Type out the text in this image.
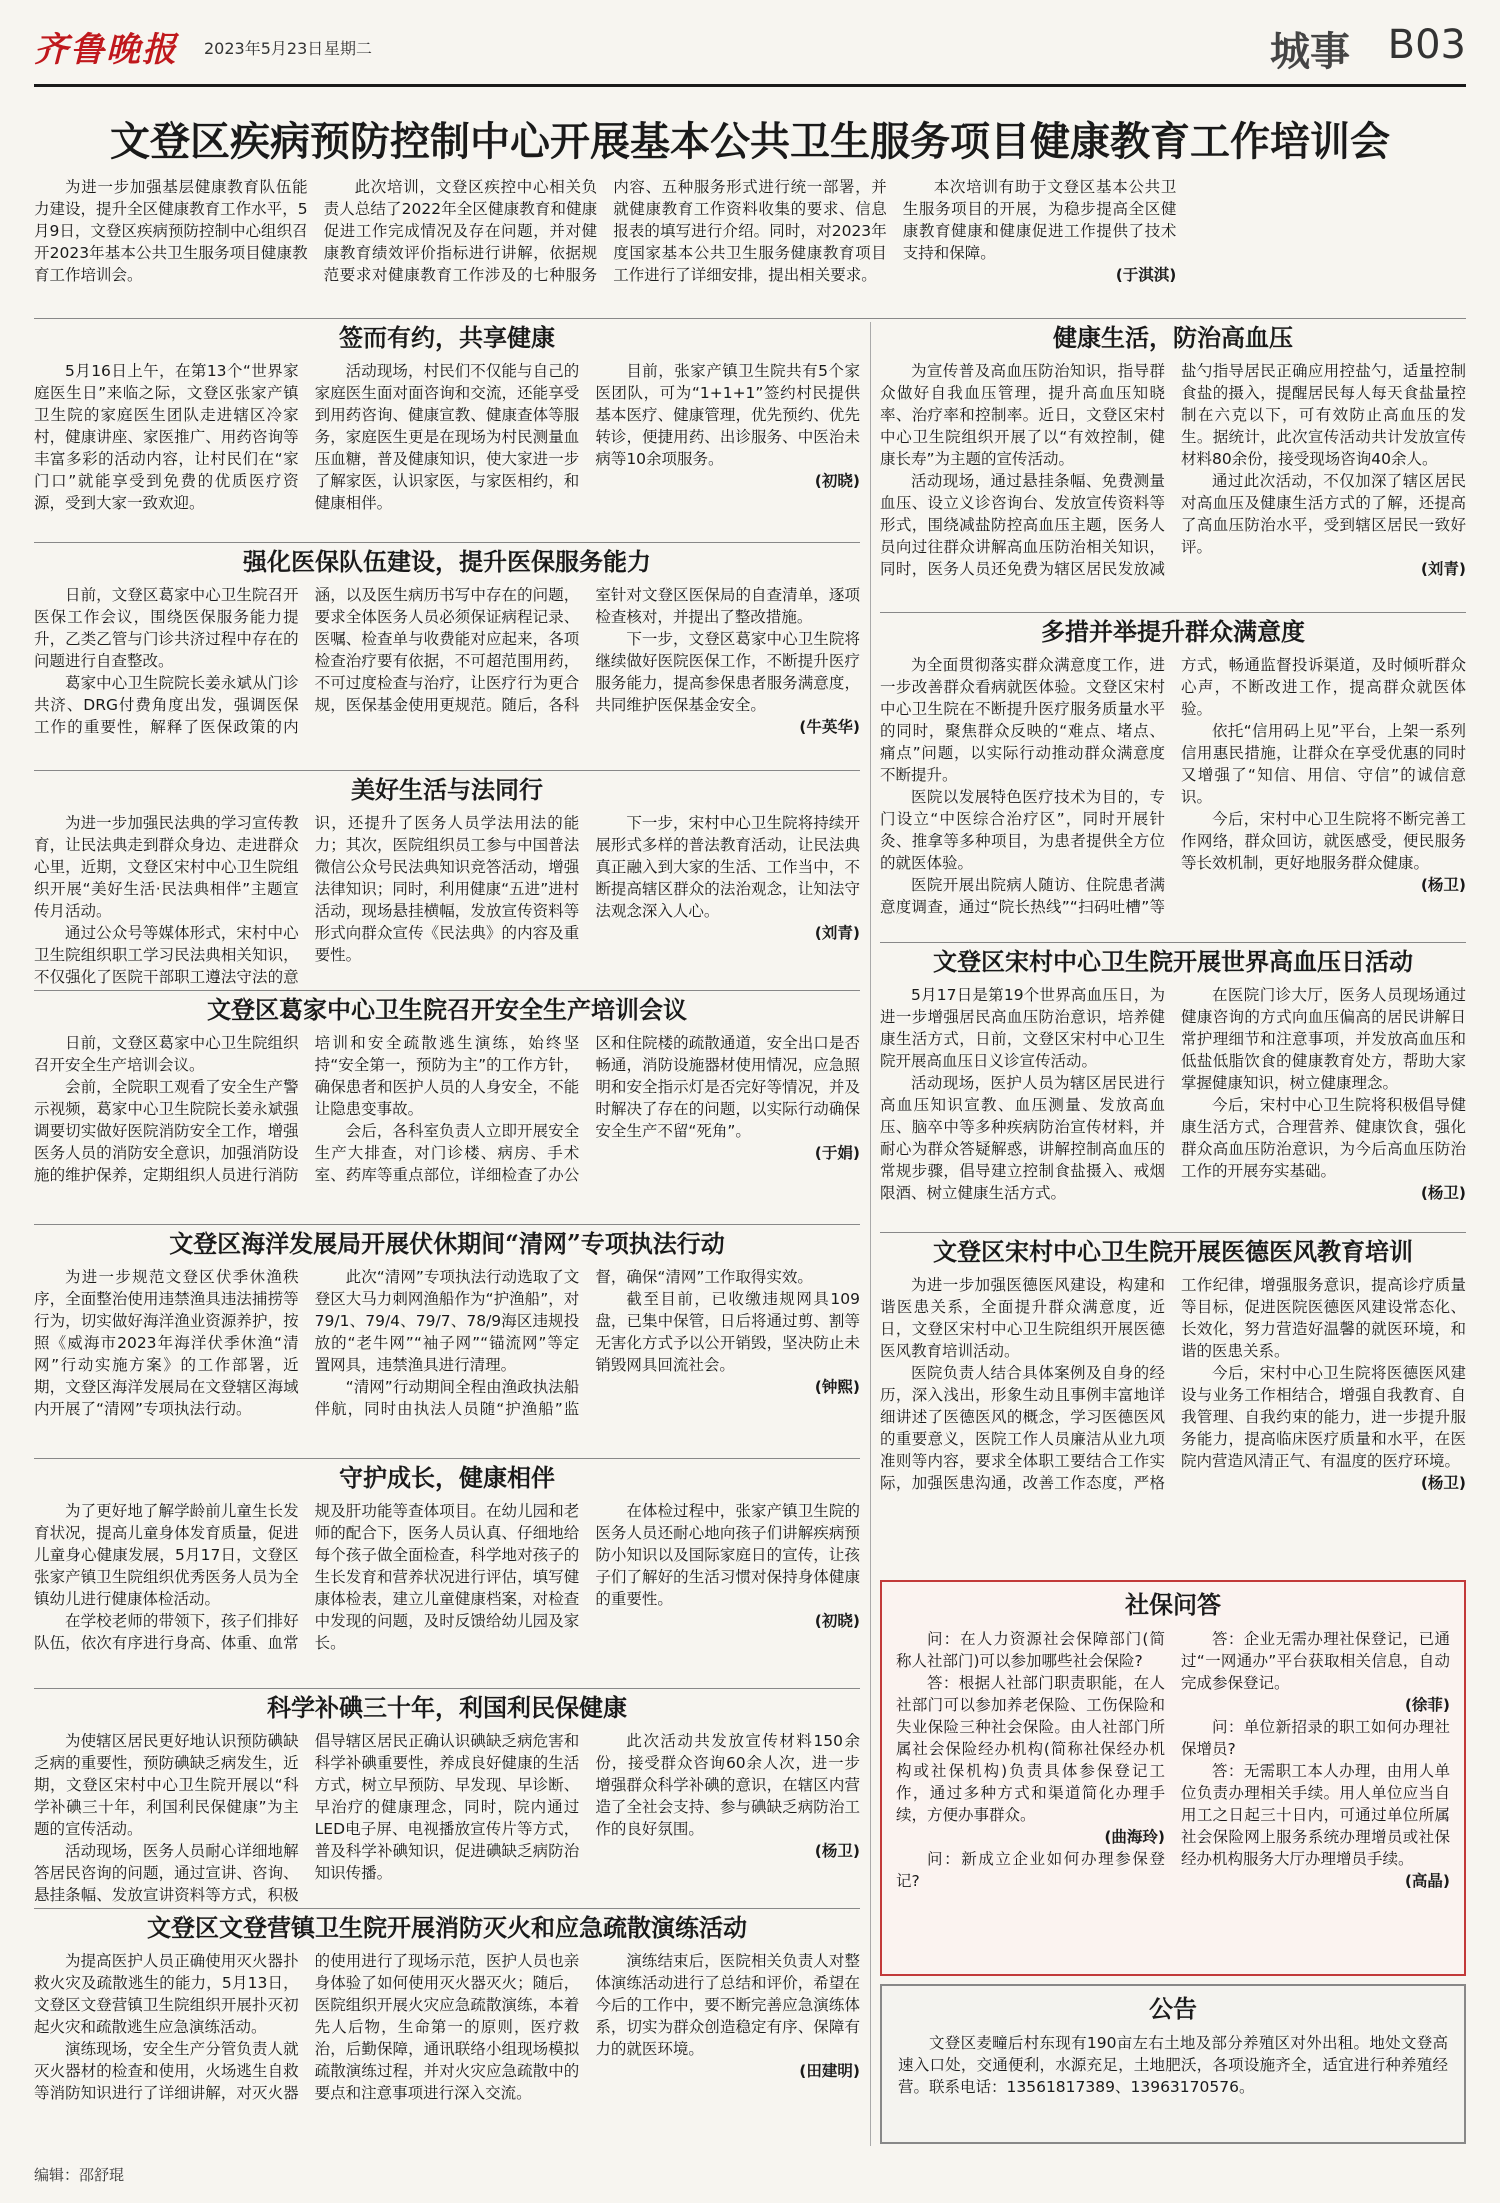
齐鲁晚报 2023年5月23日 星期二	城事 B03
文登区疾病预防控制中心开展基本公共卫生服务项目健康教育工作培训会

为进一步加强基层健康教育队伍能力建设，提升全区健康教育工作水平，5月9日，文登区疾病预防控制中心组织召开2023年基本公共卫生服务项目健康教育工作培训会。

此次培训，文登区疾控中心相关负责人总结了2022年全区健康教育和健康促进工作完成情况及存在问题，并对健康教育绩效评价指标进行讲解，依据规范要求对健康教育工作涉及的七种服务内容、五种服务形式进行统一部署，并就健康教育工作资料收集的要求、信息报表的填写进行介绍。同时，对2023年度国家基本公共卫生服务健康教育项目工作进行了详细安排，提出相关要求。

本次培训有助于文登区基本公共卫生服务项目的开展，为稳步提高全区健康教育健康和健康促进工作提供了技术支持和保障。

(于淇淇)

签而有约，共享健康

5月16日上午，在第13个“世界家庭医生日”来临之际，文登区张家产镇卫生院的家庭医生团队走进辖区冷家村，健康讲座、家医推广、用药咨询等丰富多彩的活动内容，让村民们在“家门口”就能享受到免费的优质医疗资源，受到大家一致欢迎。

活动现场，村民们不仅能与自己的家庭医生面对面咨询和交流，还能享受到用药咨询、健康宣教、健康查体等服务，家庭医生更是在现场为村民测量血压血糖，普及健康知识，使大家进一步了解家医，认识家医，与家医相约，和健康相伴。

目前，张家产镇卫生院共有5个家医团队，可为“1+1+1”签约村民提供基本医疗、健康管理，优先预约、优先转诊，便捷用药、出诊服务、中医治未病等10余项服务。

(初晓)

强化医保队伍建设，提升医保服务能力

日前，文登区葛家中心卫生院召开医保工作会议，围绕医保服务能力提升，乙类乙管与门诊共济过程中存在的问题进行自查整改。

葛家中心卫生院院长姜永斌从门诊共济、DRG付费角度出发，强调医保工作的重要性，解释了医保政策的内涵，以及医生病历书写中存在的问题，要求全体医务人员必须保证病程记录、医嘱、检查单与收费能对应起来，各项检查治疗要有依据，不可超范围用药，不可过度检查与治疗，让医疗行为更合规，医保基金使用更规范。随后，各科室针对文登区医保局的自查清单，逐项检查核对，并提出了整改措施。

下一步，文登区葛家中心卫生院将继续做好医院医保工作，不断提升医疗服务能力，提高参保患者服务满意度，共同维护医保基金安全。

(牛英华)

美好生活与法同行

为进一步加强民法典的学习宣传教育，让民法典走到群众身边、走进群众心里，近期，文登区宋村中心卫生院组织开展“美好生活·民法典相伴”主题宣传月活动。

通过公众号等媒体形式，宋村中心卫生院组织职工学习民法典相关知识，不仅强化了医院干部职工遵法守法的意识，还提升了医务人员学法用法的能力；其次，医院组织员工参与中国普法微信公众号民法典知识竞答活动，增强法律知识；同时，利用健康“五进”进村活动，现场悬挂横幅，发放宣传资料等形式向群众宣传《民法典》的内容及重要性。

下一步，宋村中心卫生院将持续开展形式多样的普法教育活动，让民法典真正融入到大家的生活、工作当中，不断提高辖区群众的法治观念，让知法守法观念深入人心。

(刘青)

文登区葛家中心卫生院召开安全生产培训会议

日前，文登区葛家中心卫生院组织召开安全生产培训会议。

会前，全院职工观看了安全生产警示视频，葛家中心卫生院院长姜永斌强调要切实做好医院消防安全工作，增强医务人员的消防安全意识，加强消防设施的维护保养，定期组织人员进行消防培训和安全疏散逃生演练，始终坚持“安全第一，预防为主”的工作方针，确保患者和医护人员的人身安全，不能让隐患变事故。

会后，各科室负责人立即开展安全生产大排查，对门诊楼、病房、手术室、药库等重点部位，详细检查了办公区和住院楼的疏散通道，安全出口是否畅通，消防设施器材使用情况，应急照明和安全指示灯是否完好等情况，并及时解决了存在的问题，以实际行动确保安全生产不留“死角”。

(于娟)

文登区海洋发展局开展伏休期间“清网”专项执法行动

为进一步规范文登区伏季休渔秩序，全面整治使用违禁渔具违法捕捞等行为，切实做好海洋渔业资源养护，按照《威海市2023年海洋伏季休渔“清网”行动实施方案》的工作部署，近期，文登区海洋发展局在文登辖区海域内开展了“清网”专项执法行动。

此次“清网”专项执法行动选取了文登区大马力刺网渔船作为“护渔船”，对79/1、79/4、79/7、78/9海区违规投放的“老牛网”“袖子网”“锚流网”等定置网具，违禁渔具进行清理。

“清网”行动期间全程由渔政执法船伴航，同时由执法人员随“护渔船”监督，确保“清网”工作取得实效。

截至目前，已收缴违规网具109盘，已集中保管，日后将通过剪、割等无害化方式予以公开销毁，坚决防止未销毁网具回流社会。

(钟熙)

守护成长，健康相伴

为了更好地了解学龄前儿童生长发育状况，提高儿童身体发育质量，促进儿童身心健康发展，5月17日，文登区张家产镇卫生院组织优秀医务人员为全镇幼儿进行健康体检活动。

在学校老师的带领下，孩子们排好队伍，依次有序进行身高、体重、血常规及肝功能等查体项目。在幼儿园和老师的配合下，医务人员认真、仔细地给每个孩子做全面检查，科学地对孩子的生长发育和营养状况进行评估，填写健康体检表，建立儿童健康档案，对检查中发现的问题，及时反馈给幼儿园及家长。

在体检过程中，张家产镇卫生院的医务人员还耐心地向孩子们讲解疾病预防小知识以及国际家庭日的宣传，让孩子们了解好的生活习惯对保持身体健康的重要性。

(初晓)

科学补碘三十年，利国利民保健康

为使辖区居民更好地认识预防碘缺乏病的重要性，预防碘缺乏病发生，近期，文登区宋村中心卫生院开展以“科学补碘三十年，利国利民保健康”为主题的宣传活动。

活动现场，医务人员耐心详细地解答居民咨询的问题，通过宣讲、咨询、悬挂条幅、发放宣讲资料等方式，积极倡导辖区居民正确认识碘缺乏病危害和科学补碘重要性，养成良好健康的生活方式，树立早预防、早发现、早诊断、早治疗的健康理念，同时，院内通过LED电子屏、电视播放宣传片等方式，普及科学补碘知识，促进碘缺乏病防治知识传播。

此次活动共发放宣传材料150余份，接受群众咨询60余人次，进一步增强群众科学补碘的意识，在辖区内营造了全社会支持、参与碘缺乏病防治工作的良好氛围。

(杨卫)

文登区文登营镇卫生院开展消防灭火和应急疏散演练活动

为提高医护人员正确使用灭火器扑救火灾及疏散逃生的能力，5月13日，文登区文登营镇卫生院组织开展扑灭初起火灾和疏散逃生应急演练活动。

演练现场，安全生产分管负责人就灭火器材的检查和使用，火场逃生自救等消防知识进行了详细讲解，对灭火器的使用进行了现场示范，医护人员也亲身体验了如何使用灭火器灭火；随后，医院组织开展火灾应急疏散演练，本着先人后物，生命第一的原则，医疗救治，后勤保障，通讯联络小组现场模拟疏散演练过程，并对火灾应急疏散中的要点和注意事项进行深入交流。

演练结束后，医院相关负责人对整体演练活动进行了总结和评价，希望在今后的工作中，要不断完善应急演练体系，切实为群众创造稳定有序、保障有力的就医环境。

(田建明)

健康生活，防治高血压

为宣传普及高血压防治知识，指导群众做好自我血压管理，提升高血压知晓率、治疗率和控制率。近日，文登区宋村中心卫生院组织开展了以“有效控制，健康长寿”为主题的宣传活动。

活动现场，通过悬挂条幅、免费测量血压、设立义诊咨询台、发放宣传资料等形式，围绕减盐防控高血压主题，医务人员向过往群众讲解高血压防治相关知识，同时，医务人员还免费为辖区居民发放减盐勺指导居民正确应用控盐勺，适量控制食盐的摄入，提醒居民每人每天食盐量控制在六克以下，可有效防止高血压的发生。据统计，此次宣传活动共计发放宣传材料80余份，接受现场咨询40余人。

通过此次活动，不仅加深了辖区居民对高血压及健康生活方式的了解，还提高了高血压防治水平，受到辖区居民一致好评。

(刘青)

多措并举提升群众满意度

为全面贯彻落实群众满意度工作，进一步改善群众看病就医体验。文登区宋村中心卫生院在不断提升医疗服务质量水平的同时，聚焦群众反映的“难点、堵点、痛点”问题，以实际行动推动群众满意度不断提升。

医院以发展特色医疗技术为目的，专门设立“中医综合治疗区”，同时开展针灸、推拿等多种项目，为患者提供全方位的就医体验。

医院开展出院病人随访、住院患者满意度调查，通过“院长热线”“扫码吐槽”等方式，畅通监督投诉渠道，及时倾听群众心声，不断改进工作，提高群众就医体验。

依托“信用码上见”平台，上架一系列信用惠民措施，让群众在享受优惠的同时又增强了“知信、用信、守信”的诚信意识。

今后，宋村中心卫生院将不断完善工作网络，群众回访，就医感受，便民服务等长效机制，更好地服务群众健康。

(杨卫)

文登区宋村中心卫生院开展世界高血压日活动

5月17日是第19个世界高血压日，为进一步增强居民高血压防治意识，培养健康生活方式，日前，文登区宋村中心卫生院开展高血压日义诊宣传活动。

活动现场，医护人员为辖区居民进行高血压知识宣教、血压测量、发放高血压、脑卒中等多种疾病防治宣传材料，并耐心为群众答疑解惑，讲解控制高血压的常规步骤，倡导建立控制食盐摄入、戒烟限酒、树立健康生活方式。

在医院门诊大厅，医务人员现场通过健康咨询的方式向血压偏高的居民讲解日常护理细节和注意事项，并发放高血压和低盐低脂饮食的健康教育处方，帮助大家掌握健康知识，树立健康理念。

今后，宋村中心卫生院将积极倡导健康生活方式，合理营养、健康饮食，强化群众高血压防治意识，为今后高血压防治工作的开展夯实基础。

(杨卫)

文登区宋村中心卫生院开展医德医风教育培训

为进一步加强医德医风建设，构建和谐医患关系，全面提升群众满意度，近日，文登区宋村中心卫生院组织开展医德医风教育培训活动。

医院负责人结合具体案例及自身的经历，深入浅出，形象生动且事例丰富地详细讲述了医德医风的概念，学习医德医风的重要意义，医院工作人员廉洁从业九项准则等内容，要求全体职工要结合工作实际，加强医患沟通，改善工作态度，严格工作纪律，增强服务意识，提高诊疗质量等目标，促进医院医德医风建设常态化、长效化，努力营造好温馨的就医环境，和谐的医患关系。

今后，宋村中心卫生院将医德医风建设与业务工作相结合，增强自我教育、自我管理、自我约束的能力，进一步提升服务能力，提高临床医疗质量和水平，在医院内营造风清正气、有温度的医疗环境。

(杨卫)

社保问答

问：在人力资源社会保障部门(简称人社部门)可以参加哪些社会保险?

答：根据人社部门职责职能，在人社部门可以参加养老保险、工伤保险和失业保险三种社会保险。由人社部门所属社会保险经办机构(简称社保经办机构或社保机构)负责具体参保登记工作，通过多种方式和渠道简化办理手续，方便办事群众。

(曲海玲)

问：新成立企业如何办理参保登记?

答：企业无需办理社保登记，已通过“一网通办”平台获取相关信息，自动完成参保登记。

(徐菲)

问：单位新招录的职工如何办理社保增员?

答：无需职工本人办理，由用人单位负责办理相关手续。用人单位应当自用工之日起三十日内，可通过单位所属社会保险网上服务系统办理增员或社保经办机构服务大厅办理增员手续。

(高晶)

公告

文登区麦疃后村东现有190亩左右土地及部分养殖区对外出租。地处文登高速入口处，交通便利，水源充足，土地肥沃，各项设施齐全，适宜进行种养殖经营。联系电话：13561817389、13963170576。

编辑：邵舒琨
